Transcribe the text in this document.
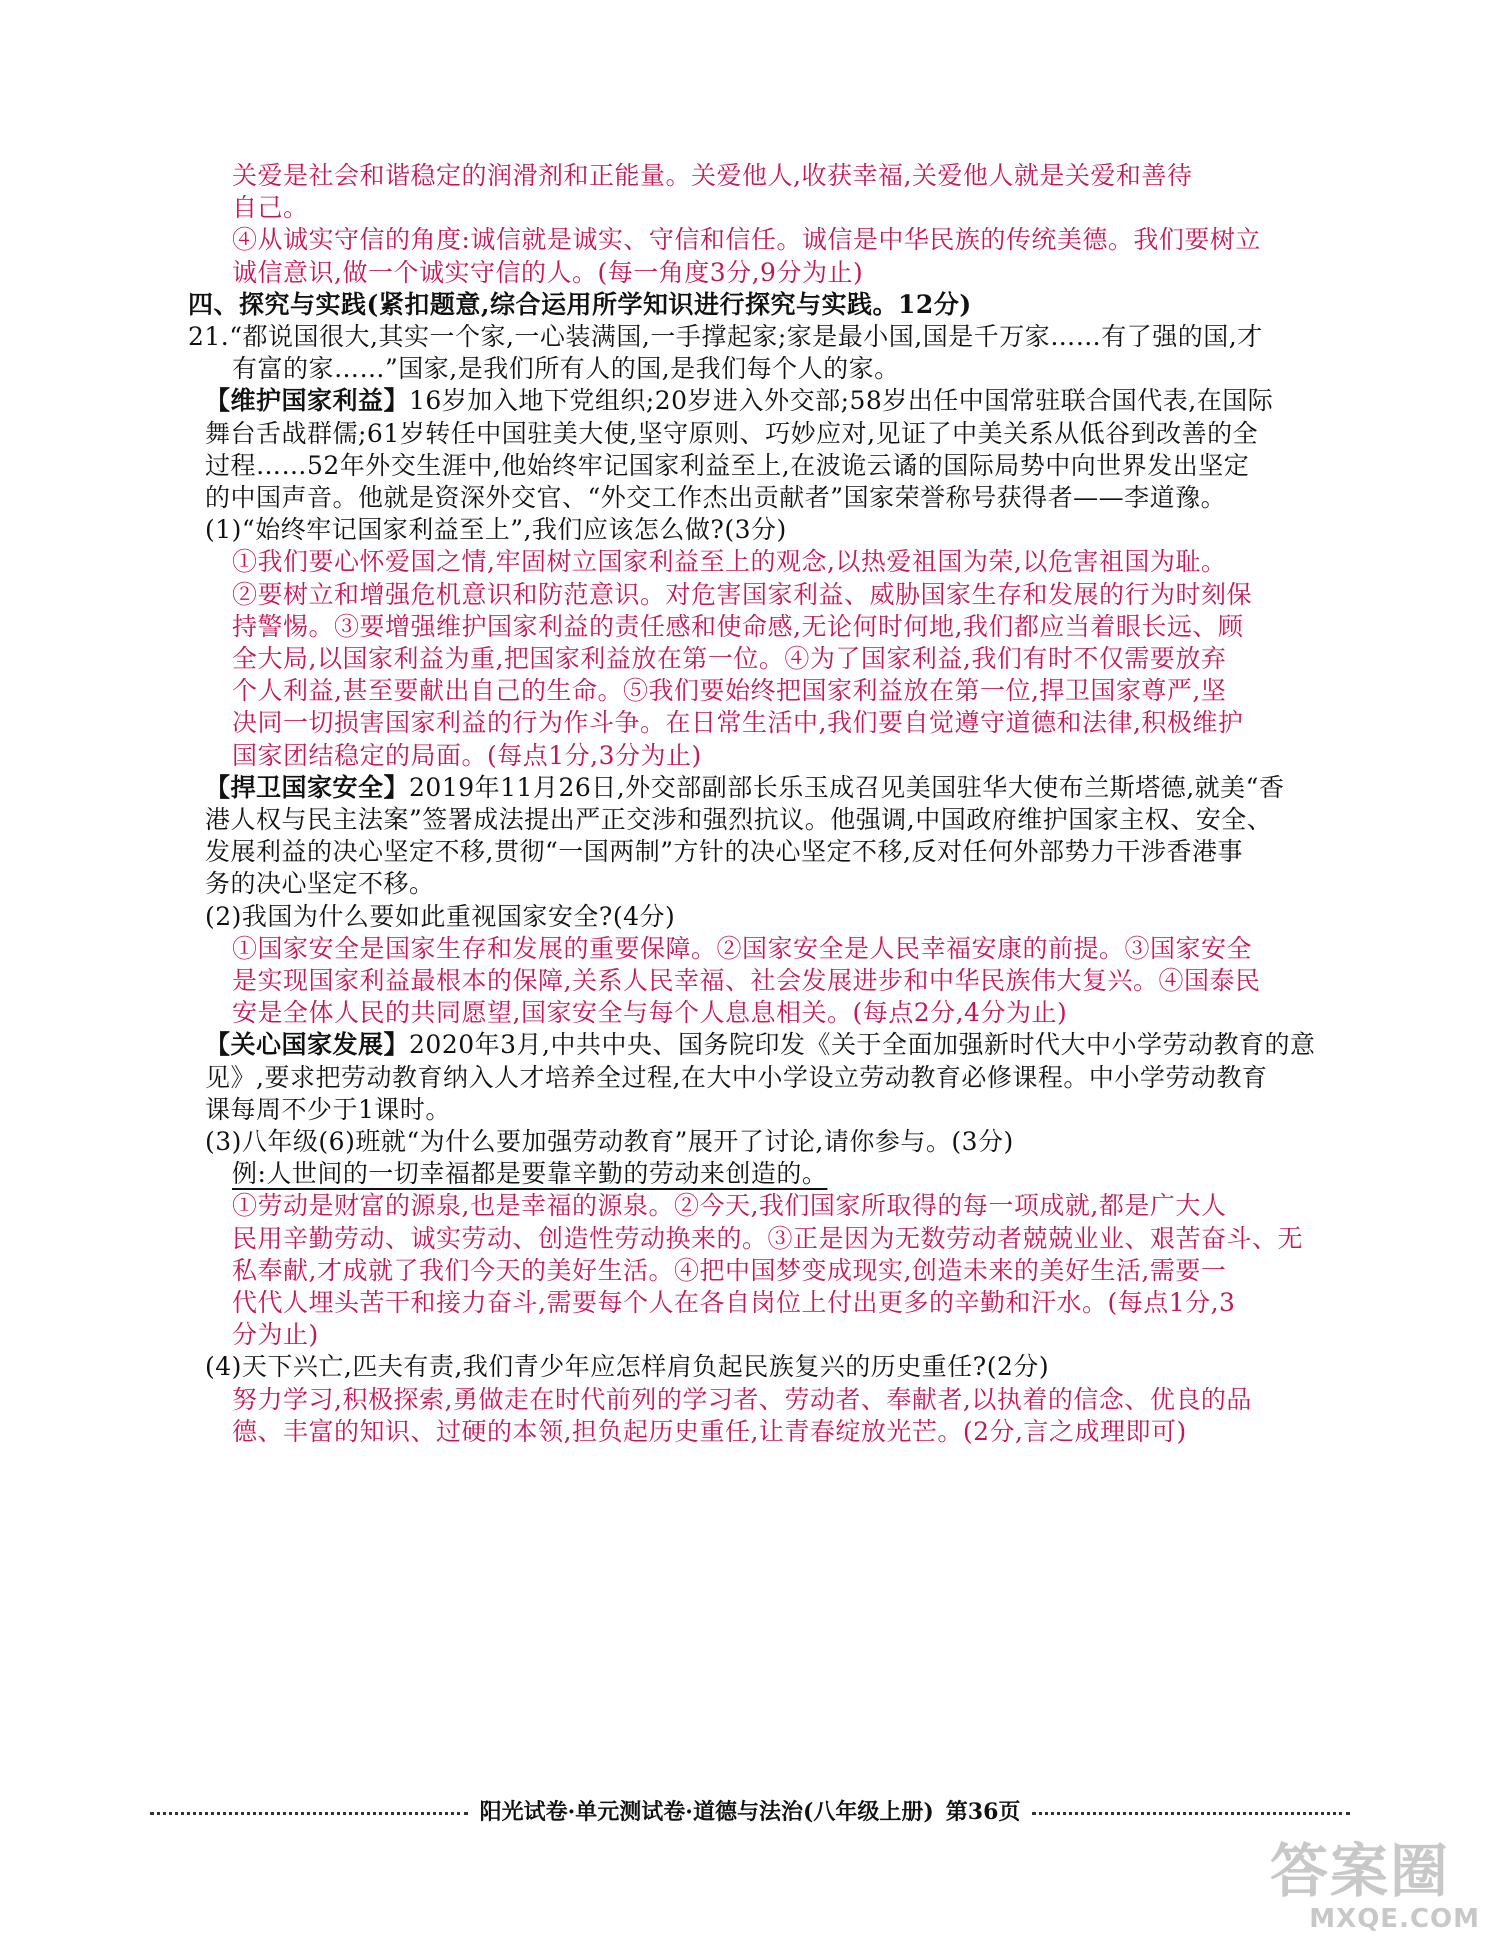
关爱是社会和谐稳定的润滑剂和正能量。关爱他人,收获幸福,关爱他人就是关爱和善待
自己。
④从诚实守信的角度:诚信就是诚实、守信和信任。诚信是中华民族的传统美德。我们要树立
诚信意识,做一个诚实守信的人。(每一角度3分,9分为止)
四、探究与实践(紧扣题意,综合运用所学知识进行探究与实践。12分)
21.“都说国很大,其实一个家,一心装满国,一手撑起家;家是最小国,国是千万家……有了强的国,才
有富的家……”国家,是我们所有人的国,是我们每个人的家。
【维护国家利益】16岁加入地下党组织;20岁进入外交部;58岁出任中国常驻联合国代表,在国际
舞台舌战群儒;61岁转任中国驻美大使,坚守原则、巧妙应对,见证了中美关系从低谷到改善的全
过程……52年外交生涯中,他始终牢记国家利益至上,在波诡云谲的国际局势中向世界发出坚定
的中国声音。他就是资深外交官、“外交工作杰出贡献者”国家荣誉称号获得者——李道豫。
(1)“始终牢记国家利益至上”,我们应该怎么做?(3分)
①我们要心怀爱国之情,牢固树立国家利益至上的观念,以热爱祖国为荣,以危害祖国为耻。
②要树立和增强危机意识和防范意识。对危害国家利益、威胁国家生存和发展的行为时刻保
持警惕。③要增强维护国家利益的责任感和使命感,无论何时何地,我们都应当着眼长远、顾
全大局,以国家利益为重,把国家利益放在第一位。④为了国家利益,我们有时不仅需要放弃
个人利益,甚至要献出自己的生命。⑤我们要始终把国家利益放在第一位,捍卫国家尊严,坚
决同一切损害国家利益的行为作斗争。在日常生活中,我们要自觉遵守道德和法律,积极维护
国家团结稳定的局面。(每点1分,3分为止)
【捍卫国家安全】2019年11月26日,外交部副部长乐玉成召见美国驻华大使布兰斯塔德,就美“香
港人权与民主法案”签署成法提出严正交涉和强烈抗议。他强调,中国政府维护国家主权、安全、
发展利益的决心坚定不移,贯彻“一国两制”方针的决心坚定不移,反对任何外部势力干涉香港事
务的决心坚定不移。
(2)我国为什么要如此重视国家安全?(4分)
①国家安全是国家生存和发展的重要保障。②国家安全是人民幸福安康的前提。③国家安全
是实现国家利益最根本的保障,关系人民幸福、社会发展进步和中华民族伟大复兴。④国泰民
安是全体人民的共同愿望,国家安全与每个人息息相关。(每点2分,4分为止)
【关心国家发展】2020年3月,中共中央、国务院印发《关于全面加强新时代大中小学劳动教育的意
见》,要求把劳动教育纳入人才培养全过程,在大中小学设立劳动教育必修课程。中小学劳动教育
课每周不少于1课时。
(3)八年级(6)班就“为什么要加强劳动教育”展开了讨论,请你参与。(3分)
例:人世间的一切幸福都是要靠辛勤的劳动来创造的。
①劳动是财富的源泉,也是幸福的源泉。②今天,我们国家所取得的每一项成就,都是广大人
民用辛勤劳动、诚实劳动、创造性劳动换来的。③正是因为无数劳动者兢兢业业、艰苦奋斗、无
私奉献,才成就了我们今天的美好生活。④把中国梦变成现实,创造未来的美好生活,需要一
代代人埋头苦干和接力奋斗,需要每个人在各自岗位上付出更多的辛勤和汗水。(每点1分,3
分为止)
(4)天下兴亡,匹夫有责,我们青少年应怎样肩负起民族复兴的历史重任?(2分)
努力学习,积极探索,勇做走在时代前列的学习者、劳动者、奉献者,以执着的信念、优良的品
德、丰富的知识、过硬的本领,担负起历史重任,让青春绽放光芒。(2分,言之成理即可)
阳光试卷·单元测试卷·道德与法治(八年级上册) 第36页
答案圈
MXQE.COM
